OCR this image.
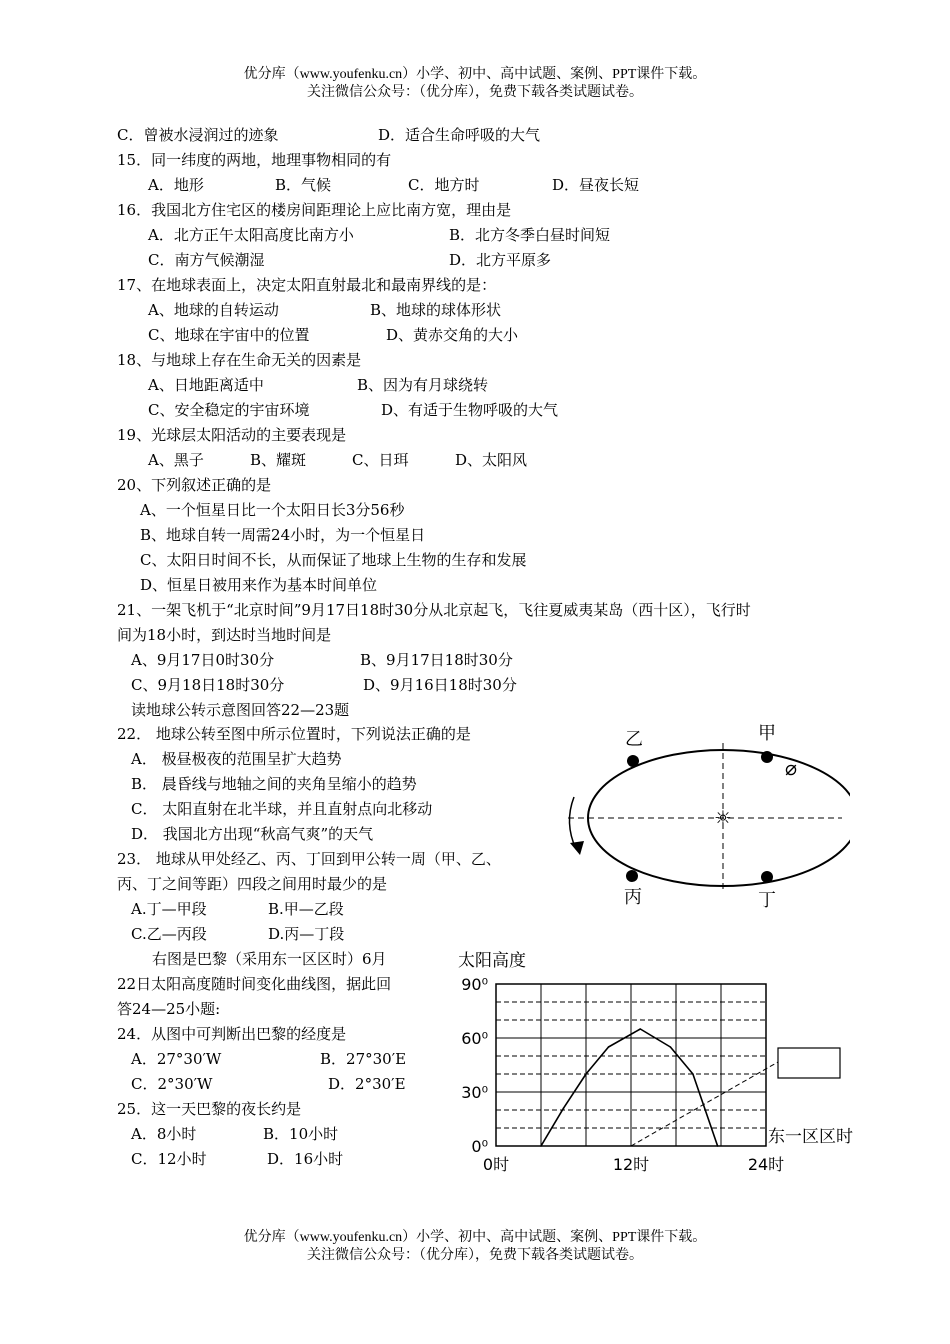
优分库（www.youfenku.cn）小学、初中、高中试题、案例、PPT课件下载。
关注微信公众号：（优分库），免费下载各类试题试卷。
C．曾被水浸润过的迹象	D．适合生命呼吸的大气
15．同一纬度的两地，地理事物相同的有
A．地形	B．气候	C．地方时	D．昼夜长短
16．我国北方住宅区的楼房间距理论上应比南方宽，理由是
A．北方正午太阳高度比南方小	B．北方冬季白昼时间短
C．南方气候潮湿	D．北方平原多
17、在地球表面上，决定太阳直射最北和最南界线的是：
A、地球的自转运动	B、地球的球体形状
C、地球在宇宙中的位置	D、黄赤交角的大小
18、与地球上存在生命无关的因素是
A、日地距离适中	B、因为有月球绕转
C、安全稳定的宇宙环境	D、有适于生物呼吸的大气
19、光球层太阳活动的主要表现是
A、黑子	B、耀斑	C、日珥	D、太阳风
20、下列叙述正确的是
A、一个恒星日比一个太阳日长3分56秒
B、地球自转一周需24小时，为一个恒星日
C、太阳日时间不长，从而保证了地球上生物的生存和发展
D、恒星日被用来作为基本时间单位
21、一架飞机于“北京时间”9月17日18时30分从北京起飞，飞往夏威夷某岛（西十区），飞行时
间为18小时，到达时当地时间是
A、9月17日0时30分	B、9月17日18时30分
C、9月18日18时30分	D、9月16日18时30分
读地球公转示意图回答22—23题
22． 地球公转至图中所示位置时，下列说法正确的是
A． 极昼极夜的范围呈扩大趋势
B． 晨昏线与地轴之间的夹角呈缩小的趋势
C． 太阳直射在北半球，并且直射点向北移动
D． 我国北方出现“秋高气爽”的天气
23． 地球从甲处经乙、丙、丁回到甲公转一周（甲、乙、
丙、丁之间等距）四段之间用时最少的是
A.丁—甲段	B.甲—乙段
C.乙—丙段	D.丙—丁段
右图是巴黎（采用东一区区时）6月
22日太阳高度随时间变化曲线图，据此回
答24—25小题:
24．从图中可判断出巴黎的经度是
A．27°30′W	B．27°30′E
C．2°30′W	D．2°30′E
25．这一天巴黎的夜长约是
A．8小时	B．10小时
C．12小时	D．16小时
☼
乙	甲
丙	丁
⌀
太阳高度
东一区区时
0⁰
30⁰
60⁰
90⁰
0时	12时	24时
优分库（www.youfenku.cn）小学、初中、高中试题、案例、PPT课件下载。
关注微信公众号：（优分库），免费下载各类试题试卷。
